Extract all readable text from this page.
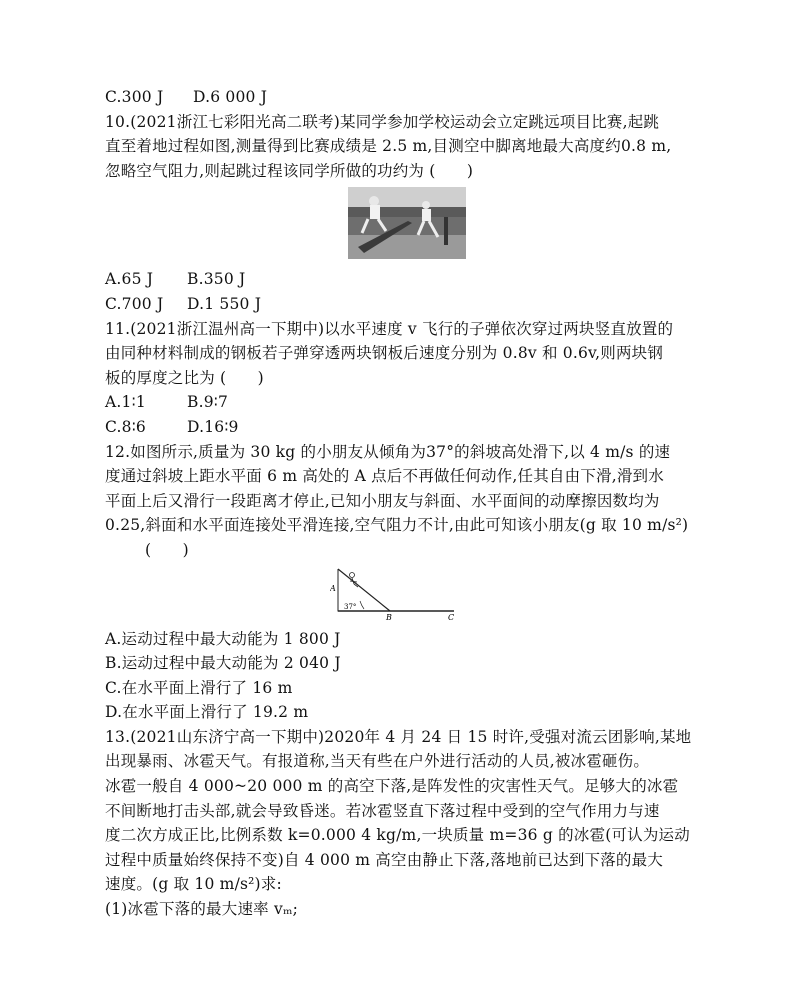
C.300 J	D.6 000 J
10.(2021浙江七彩阳光高二联考)某同学参加学校运动会立定跳远项目比赛,起跳
直至着地过程如图,测量得到比赛成绩是 2.5 m,目测空中脚离地最大高度约0.8 m,
忽略空气阻力,则起跳过程该同学所做的功约为 (　　)
A.65 J	B.350 J
C.700 J	D.1 550 J
11.(2021浙江温州高一下期中)以水平速度 v 飞行的子弹依次穿过两块竖直放置的
由同种材料制成的钢板若子弹穿透两块钢板后速度分别为 0.8v 和 0.6v,则两块钢
板的厚度之比为 (　　)
A.1∶1	B.9∶7
C.8∶6	D.16∶9
12.如图所示,质量为 30 kg 的小朋友从倾角为37°的斜坡高处滑下,以 4 m/s 的速
度通过斜坡上距水平面 6 m 高处的 A 点后不再做任何动作,任其自由下滑,滑到水
平面上后又滑行一段距离才停止,已知小朋友与斜面、水平面间的动摩擦因数均为
0.25,斜面和水平面连接处平滑连接,空气阻力不计,由此可知该小朋友(g 取 10 m/s²)
(　　)
A
37°
B	C
A.运动过程中最大动能为 1 800 J
B.运动过程中最大动能为 2 040 J
C.在水平面上滑行了 16 m
D.在水平面上滑行了 19.2 m
13.(2021山东济宁高一下期中)2020年 4 月 24 日 15 时许,受强对流云团影响,某地
出现暴雨、冰雹天气。有报道称,当天有些在户外进行活动的人员,被冰雹砸伤。
冰雹一般自 4 000~20 000 m 的高空下落,是阵发性的灾害性天气。足够大的冰雹
不间断地打击头部,就会导致昏迷。若冰雹竖直下落过程中受到的空气作用力与速
度二次方成正比,比例系数 k=0.000 4 kg/m,一块质量 m=36 g 的冰雹(可认为运动
过程中质量始终保持不变)自 4 000 m 高空由静止下落,落地前已达到下落的最大
速度。(g 取 10 m/s²)求:
(1)冰雹下落的最大速率 vₘ;
